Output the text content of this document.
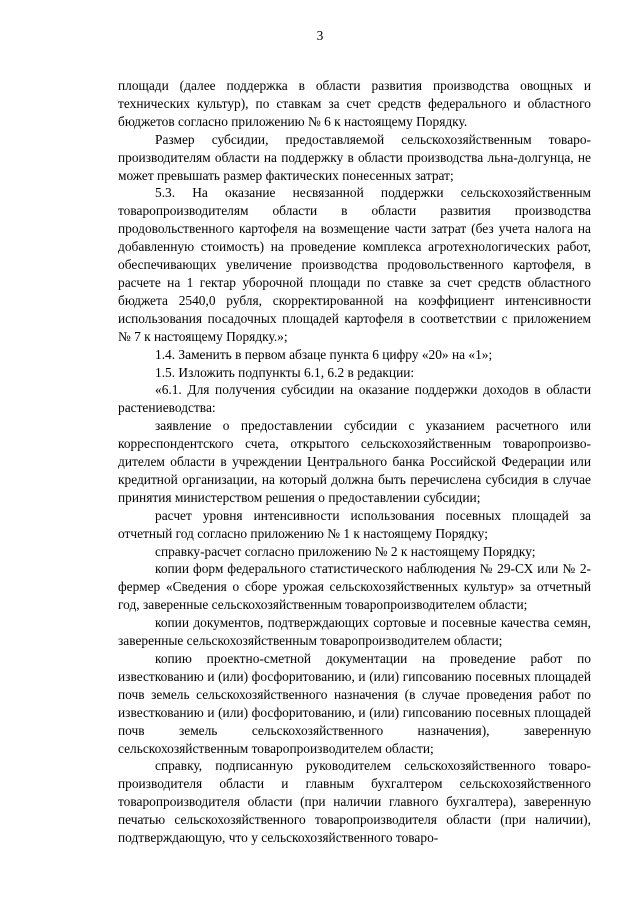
3

площади (далее поддержка в области развития производства овощных и технических культур), по ставкам за счет средств федерального и областного бюджетов согласно приложению № 6 к настоящему Порядку.

Размер субсидии, предоставляемой сельскохозяйственным товаро-производителям области на поддержку в области производства льна-долгунца, не может превышать размер фактических понесенных затрат;

5.3. На оказание несвязанной поддержки сельскохозяйственным товаропроизводителям области в области развития производства продовольственного картофеля на возмещение части затрат (без учета налога на добавленную стоимость) на проведение комплекса агротехнологических работ, обеспечивающих увеличение производства продовольственного картофеля, в расчете на 1 гектар уборочной площади по ставке за счет средств областного бюджета 2540,0 рубля, скорректированной на коэффициент интенсивности использования посадочных площадей картофеля в соответствии с приложением № 7 к настоящему Порядку.»;

1.4. Заменить в первом абзаце пункта 6 цифру «20» на «1»;

1.5. Изложить подпункты 6.1, 6.2 в редакции:

«6.1. Для получения субсидии на оказание поддержки доходов в области растениеводства:

заявление о предоставлении субсидии с указанием расчетного или корреспондентского счета, открытого сельскохозяйственным товаропроизво-дителем области в учреждении Центрального банка Российской Федерации или кредитной организации, на который должна быть перечислена субсидия в случае принятия министерством решения о предоставлении субсидии;

расчет уровня интенсивности использования посевных площадей за отчетный год согласно приложению № 1 к настоящему Порядку;

справку-расчет согласно приложению № 2 к настоящему Порядку;

копии форм федерального статистического наблюдения № 29-СХ или № 2-фермер «Сведения о сборе урожая сельскохозяйственных культур» за отчетный год, заверенные сельскохозяйственным товаропроизводителем области;

копии документов, подтверждающих сортовые и посевные качества семян, заверенные сельскохозяйственным товаропроизводителем области;

копию проектно-сметной документации на проведение работ по известкованию и (или) фосфоритованию, и (или) гипсованию посевных площадей почв земель сельскохозяйственного назначения (в случае проведения работ по известкованию и (или) фосфоритованию, и (или) гипсованию посевных площадей почв земель сельскохозяйственного назначения), заверенную сельскохозяйственным товаропроизводителем области;

справку, подписанную руководителем сельскохозяйственного товаро-производителя области и главным бухгалтером сельскохозяйственного товаропроизводителя области (при наличии главного бухгалтера), заверенную печатью сельскохозяйственного товаропроизводителя области (при наличии), подтверждающую, что у сельскохозяйственного товаро-
